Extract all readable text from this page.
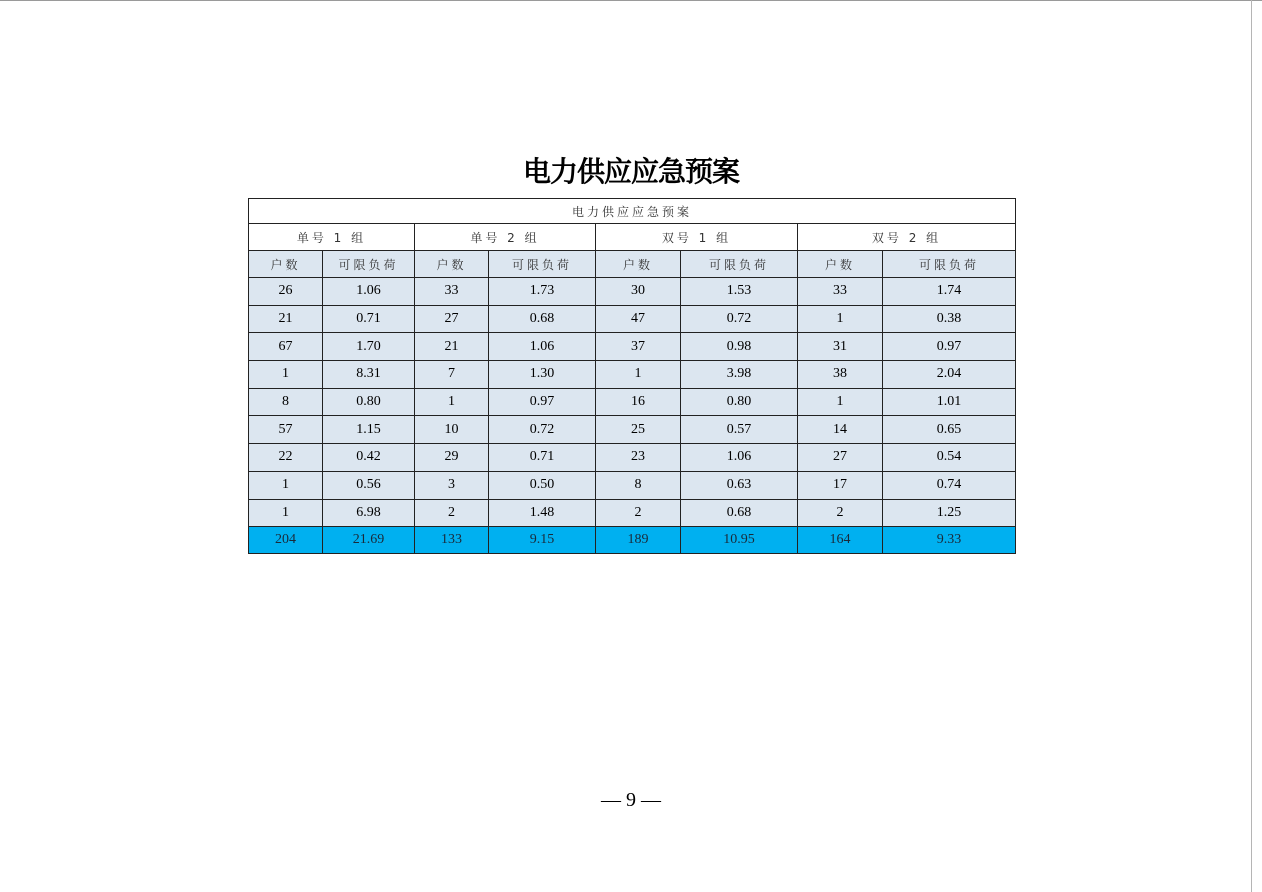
电力供应应急预案
电力供应应急预案							
单号 1 组		单号 2 组		双号 1 组		双号 2 组	
户数	可限负荷	户数	可限负荷	户数	可限负荷	户数	可限负荷
26	1.06	33	1.73	30	1.53	33	1.74
21	0.71	27	0.68	47	0.72	1	0.38
67	1.70	21	1.06	37	0.98	31	0.97
1	8.31	7	1.30	1	3.98	38	2.04
8	0.80	1	0.97	16	0.80	1	1.01
57	1.15	10	0.72	25	0.57	14	0.65
22	0.42	29	0.71	23	1.06	27	0.54
1	0.56	3	0.50	8	0.63	17	0.74
1	6.98	2	1.48	2	0.68	2	1.25
204	21.69	133	9.15	189	10.95	164	9.33
— 9 —
